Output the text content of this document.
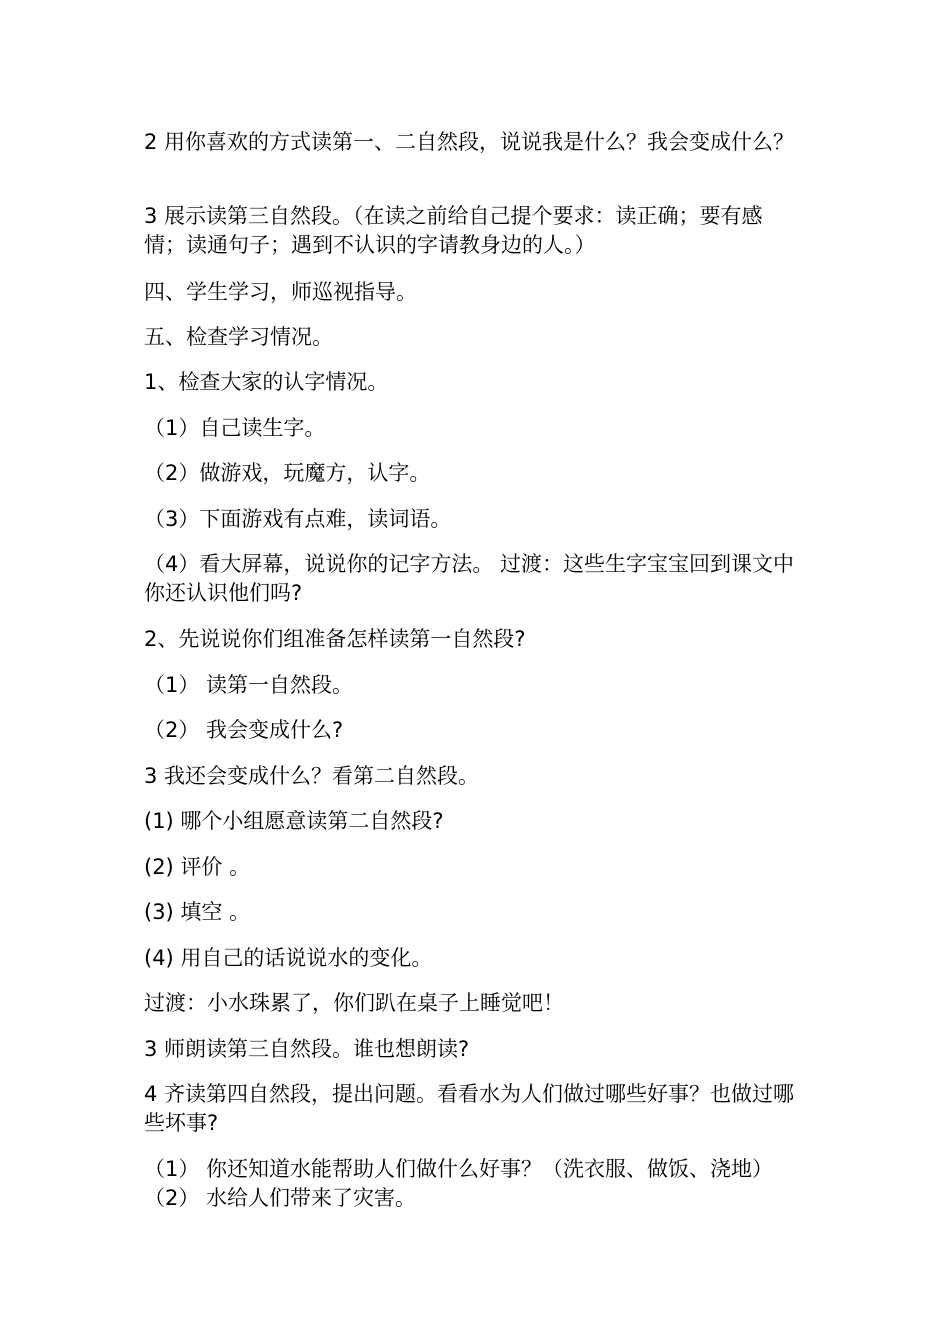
2 用你喜欢的方式读第一、二自然段，说说我是什么？我会变成什么？
3 展示读第三自然段。（在读之前给自己提个要求：读正确；要有感情；读通句子；遇到不认识的字请教身边的人。）
四、学生学习，师巡视指导。
五、检查学习情况。
1、检查大家的认字情况。
（1）自己读生字。
（2）做游戏，玩魔方，认字。
（3）下面游戏有点难，读词语。
（4）看大屏幕，说说你的记字方法。 过渡：这些生字宝宝回到课文中你还认识他们吗?
2、先说说你们组准备怎样读第一自然段?
（1） 读第一自然段。
（2） 我会变成什么?
3 我还会变成什么？看第二自然段。
(1) 哪个小组愿意读第二自然段?
(2) 评价 。
(3) 填空 。
(4) 用自己的话说说水的变化。
过渡：小水珠累了，你们趴在桌子上睡觉吧！
3 师朗读第三自然段。谁也想朗读?
4 齐读第四自然段，提出问题。看看水为人们做过哪些好事？也做过哪些坏事?
（1） 你还知道水能帮助人们做什么好事？（洗衣服、做饭、浇地） （2） 水给人们带来了灾害。
